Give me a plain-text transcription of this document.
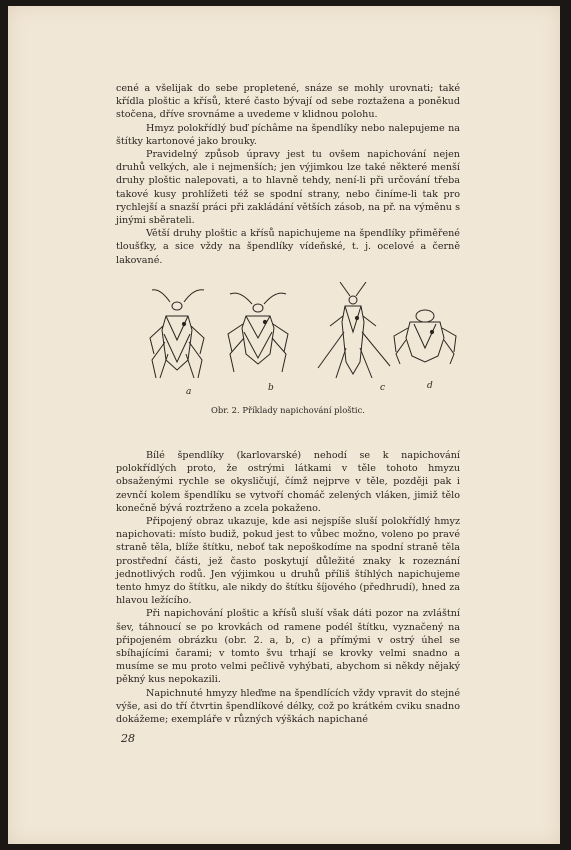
cené a všelijak do sebe propletené, snáze se mohly urovnati; také křídla ploštic a křísů, které často bývají od sebe roztažena a poněkud stočena, dříve srovnáme a uvedeme v klidnou polohu.

Hmyz polokřídlý buď píchâme na špendlíky nebo nalepujeme na štítky kartonové jako brouky.

Pravidelný způsob úpravy jest tu ovšem napichování nejen druhů velkých, ale i nejmenších; jen výjimkou lze také některé menší druhy ploštic nalepovati, a to hlavně tehdy, není-li při určování třeba takové kusy prohlížeti též se spodní strany, nebo činíme-li tak pro rychlejší a snazší práci při zakládání větších zásob, na př. na výměnu s jinými sběrateli.

Větší druhy ploštic a křísů napichujeme na špendlíky přiměřené tloušťky, a sice vždy na špendlíky vídeňské, t. j. ocelové a černě lakované.

a	b	c	d
Obr. 2. Příklady napichování ploštic.

Bílé špendlíky (karlovarské) nehodí se k napichování polokřídlých proto, že ostrými látkami v těle tohoto hmyzu obsaženými rychle se okysličují, čímž nejprve v těle, později pak i zevnčí kolem špendlíku se vytvoří chomáč zelených vláken, jimiž tělo konečně bývá roztrženo a zcela pokaženo.

Připojený obraz ukazuje, kde asi nejspíše sluší polokřídlý hmyz napichovati: místo budiž, pokud jest to vůbec možno, voleno po pravé straně těla, blíže štítku, neboť tak nepoškodíme na spodní straně těla prostřední části, jež často poskytují důležité znaky k rozeznání jednotlivých rodů. Jen výjimkou u druhů příliš štíhlých napichujeme tento hmyz do štítku, ale nikdy do štítku šíjového (předhrudí), hned za hlavou ležícího.

Při napichování ploštic a křísů sluší však dáti pozor na zvláštní šev, táhnoucí se po krovkách od ramene podél štítku, vyznačený na připojeném obrázku (obr. 2. a, b, c) a přímými v ostrý úhel se sbíhajícími čarami; v tomto švu trhají se krovky velmi snadno a musíme se mu proto velmi pečlivě vyhýbati, abychom si někdy nějaký pěkný kus nepokazili.

Napichnuté hmyzy hleďme na špendlících vždy vpravit do stejné výše, asi do tří čtvrtin špendlíkové délky, což po krátkém cviku snadno dokážeme; exempláře v různých výškách napichané

28
